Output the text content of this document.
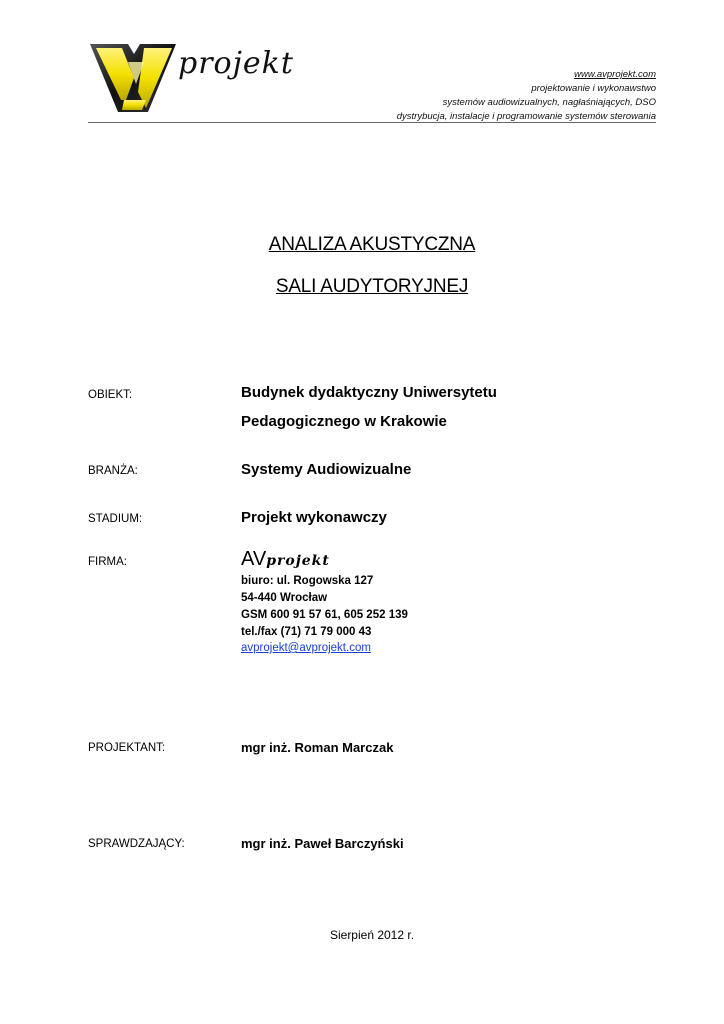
projekt	www.avprojekt.com
projektowanie i wykonawstwo
systemów audiowizualnych, nagłaśniających, DSO
dystrybucja, instalacje i programowanie systemów sterowania
ANALIZA AKUSTYCZNA
SALI AUDYTORYJNEJ
OBIEKT:	Budynek dydaktyczny Uniwersytetu
Pedagogicznego w Krakowie
BRANŻA:	Systemy Audiowizualne
STADIUM:	Projekt wykonawczy
FIRMA:	AVprojekt
biuro: ul. Rogowska 127
54-440 Wrocław
GSM 600 91 57 61, 605 252 139
tel./fax (71) 71 79 000 43
avprojekt@avprojekt.com
PROJEKTANT:	mgr inż. Roman Marczak
SPRAWDZAJĄCY:	mgr inż. Paweł Barczyński
Sierpień 2012 r.
